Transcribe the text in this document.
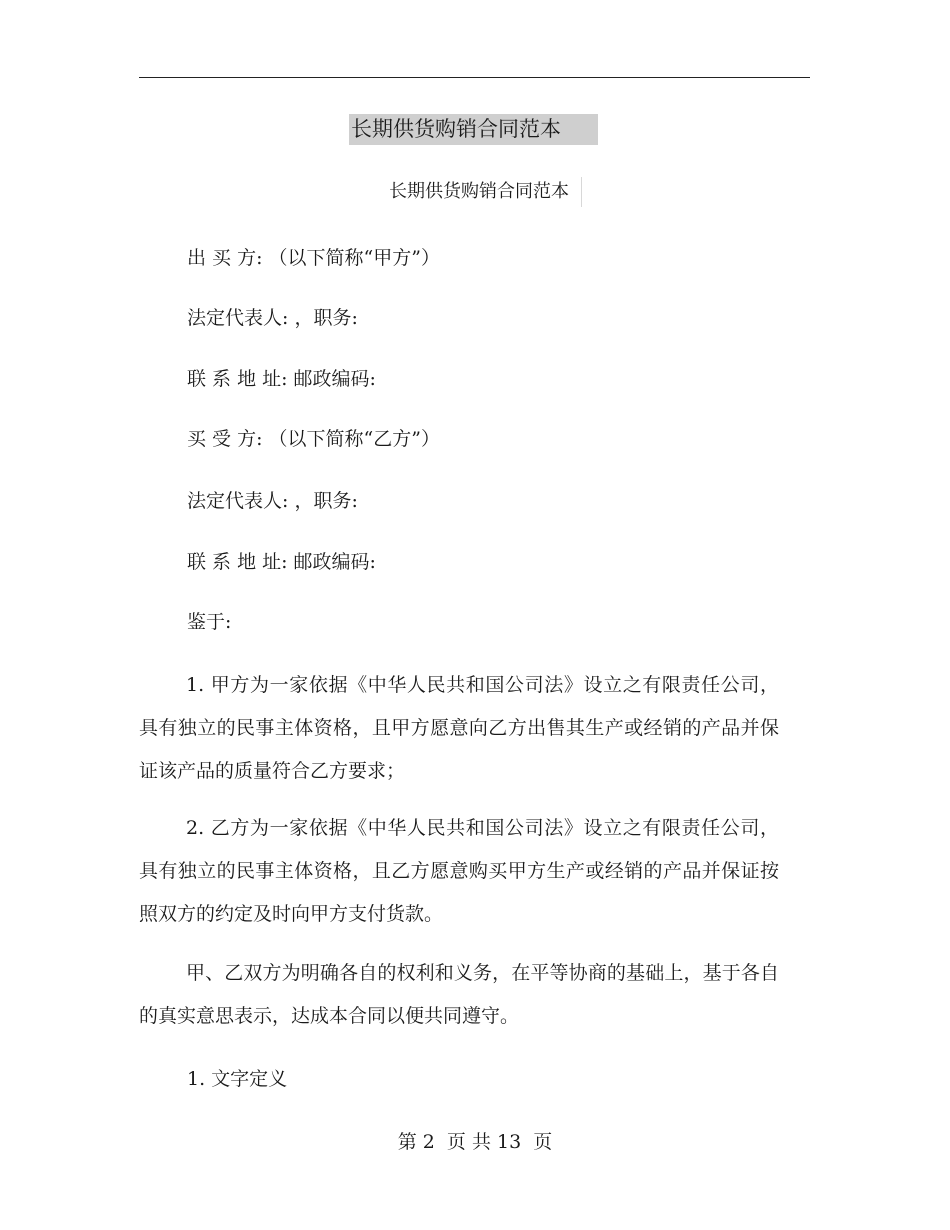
长期供货购销合同范本
长期供货购销合同范本
出 买 方: （以下简称“甲方”）
法定代表人: ，职务:
联 系 地 址: 邮政编码:
买 受 方: （以下简称“乙方”）
法定代表人: ，职务:
联 系 地 址: 邮政编码:
鉴于:
1. 甲方为一家依据《中华人民共和国公司法》设立之有限责任公司，具有独立的民事主体资格，且甲方愿意向乙方出售其生产或经销的产品并保证该产品的质量符合乙方要求；
2. 乙方为一家依据《中华人民共和国公司法》设立之有限责任公司，具有独立的民事主体资格，且乙方愿意购买甲方生产或经销的产品并保证按照双方的约定及时向甲方支付货款。
甲、乙双方为明确各自的权利和义务，在平等协商的基础上，基于各自的真实意思表示，达成本合同以便共同遵守。
1. 文字定义
第 2  页 共 13  页
